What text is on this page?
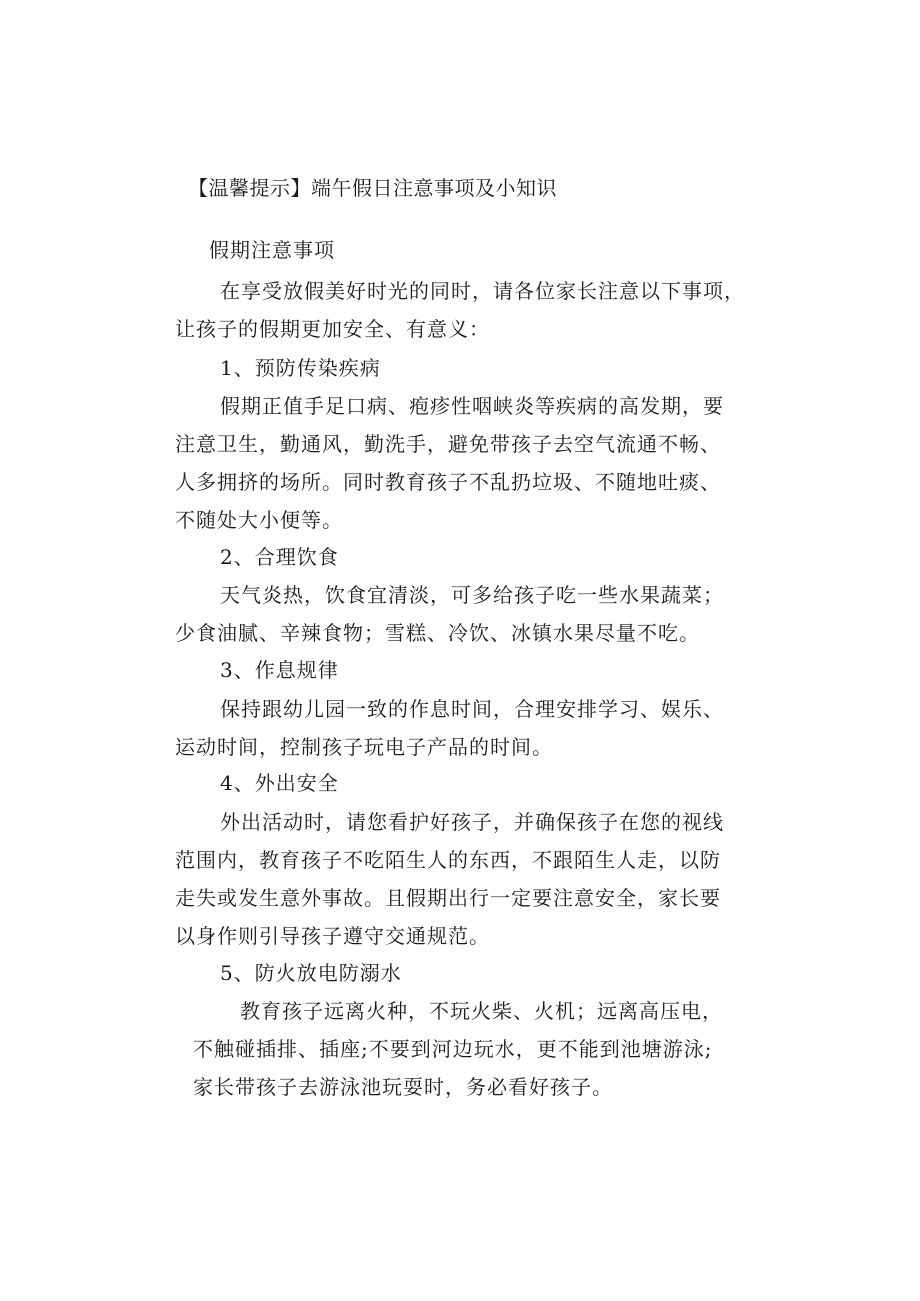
【温馨提示】端午假日注意事项及小知识
假期注意事项
在享受放假美好时光的同时，请各位家长注意以下事项，
让孩子的假期更加安全、有意义：
1、预防传染疾病
假期正值手足口病、疱疹性咽峡炎等疾病的高发期，要
注意卫生，勤通风，勤洗手，避免带孩子去空气流通不畅、
人多拥挤的场所。同时教育孩子不乱扔垃圾、不随地吐痰、
不随处大小便等。
2、合理饮食
天气炎热，饮食宜清淡，可多给孩子吃一些水果蔬菜；
少食油腻、辛辣食物；雪糕、冷饮、冰镇水果尽量不吃。
3、作息规律
保持跟幼儿园一致的作息时间，合理安排学习、娱乐、
运动时间，控制孩子玩电子产品的时间。
4、外出安全
外出活动时，请您看护好孩子，并确保孩子在您的视线
范围内，教育孩子不吃陌生人的东西，不跟陌生人走，以防
走失或发生意外事故。且假期出行一定要注意安全，家长要
以身作则引导孩子遵守交通规范。
5、防火放电防溺水
教育孩子远离火种，不玩火柴、火机；远离高压电，
不触碰插排、插座;不要到河边玩水，更不能到池塘游泳;
家长带孩子去游泳池玩耍时，务必看好孩子。
